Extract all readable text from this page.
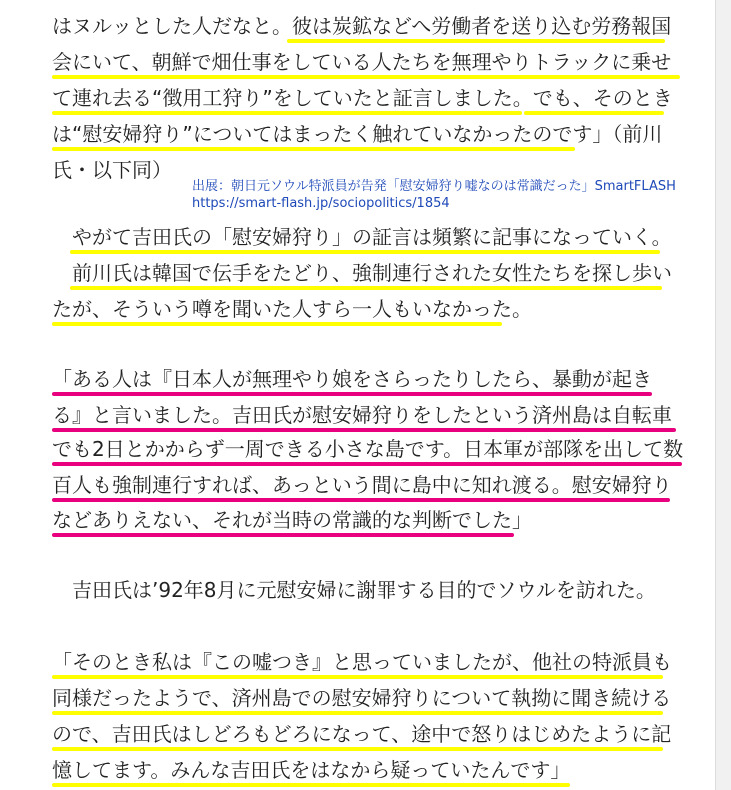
はヌルッとした人だなと。彼は炭鉱などへ労働者を送り込む労務報国
会にいて、朝鮮で畑仕事をしている人たちを無理やりトラックに乗せ
て連れ去る“徴用工狩り”をしていたと証言しました。でも、そのとき
は“慰安婦狩り”についてはまったく触れていなかったのです」（前川
氏・以下同）
出展：朝日元ソウル特派員が告発「慰安婦狩り嘘なのは常識だった」SmartFLASH
https://smart-flash.jp/sociopolitics/1854
　やがて吉田氏の「慰安婦狩り」の証言は頻繁に記事になっていく。
　前川氏は韓国で伝手をたどり、強制連行された女性たちを探し歩い
たが、そういう噂を聞いた人すら一人もいなかった。
「ある人は『日本人が無理やり娘をさらったりしたら、暴動が起き
る』と言いました。吉田氏が慰安婦狩りをしたという済州島は自転車
でも2日とかからず一周できる小さな島です。日本軍が部隊を出して数
百人も強制連行すれば、あっという間に島中に知れ渡る。慰安婦狩り
などありえない、それが当時の常識的な判断でした」
　吉田氏は’92年8月に元慰安婦に謝罪する目的でソウルを訪れた。
「そのとき私は『この嘘つき』と思っていましたが、他社の特派員も
同様だったようで、済州島での慰安婦狩りについて執拗に聞き続ける
ので、吉田氏はしどろもどろになって、途中で怒りはじめたように記
憶してます。みんな吉田氏をはなから疑っていたんです」
